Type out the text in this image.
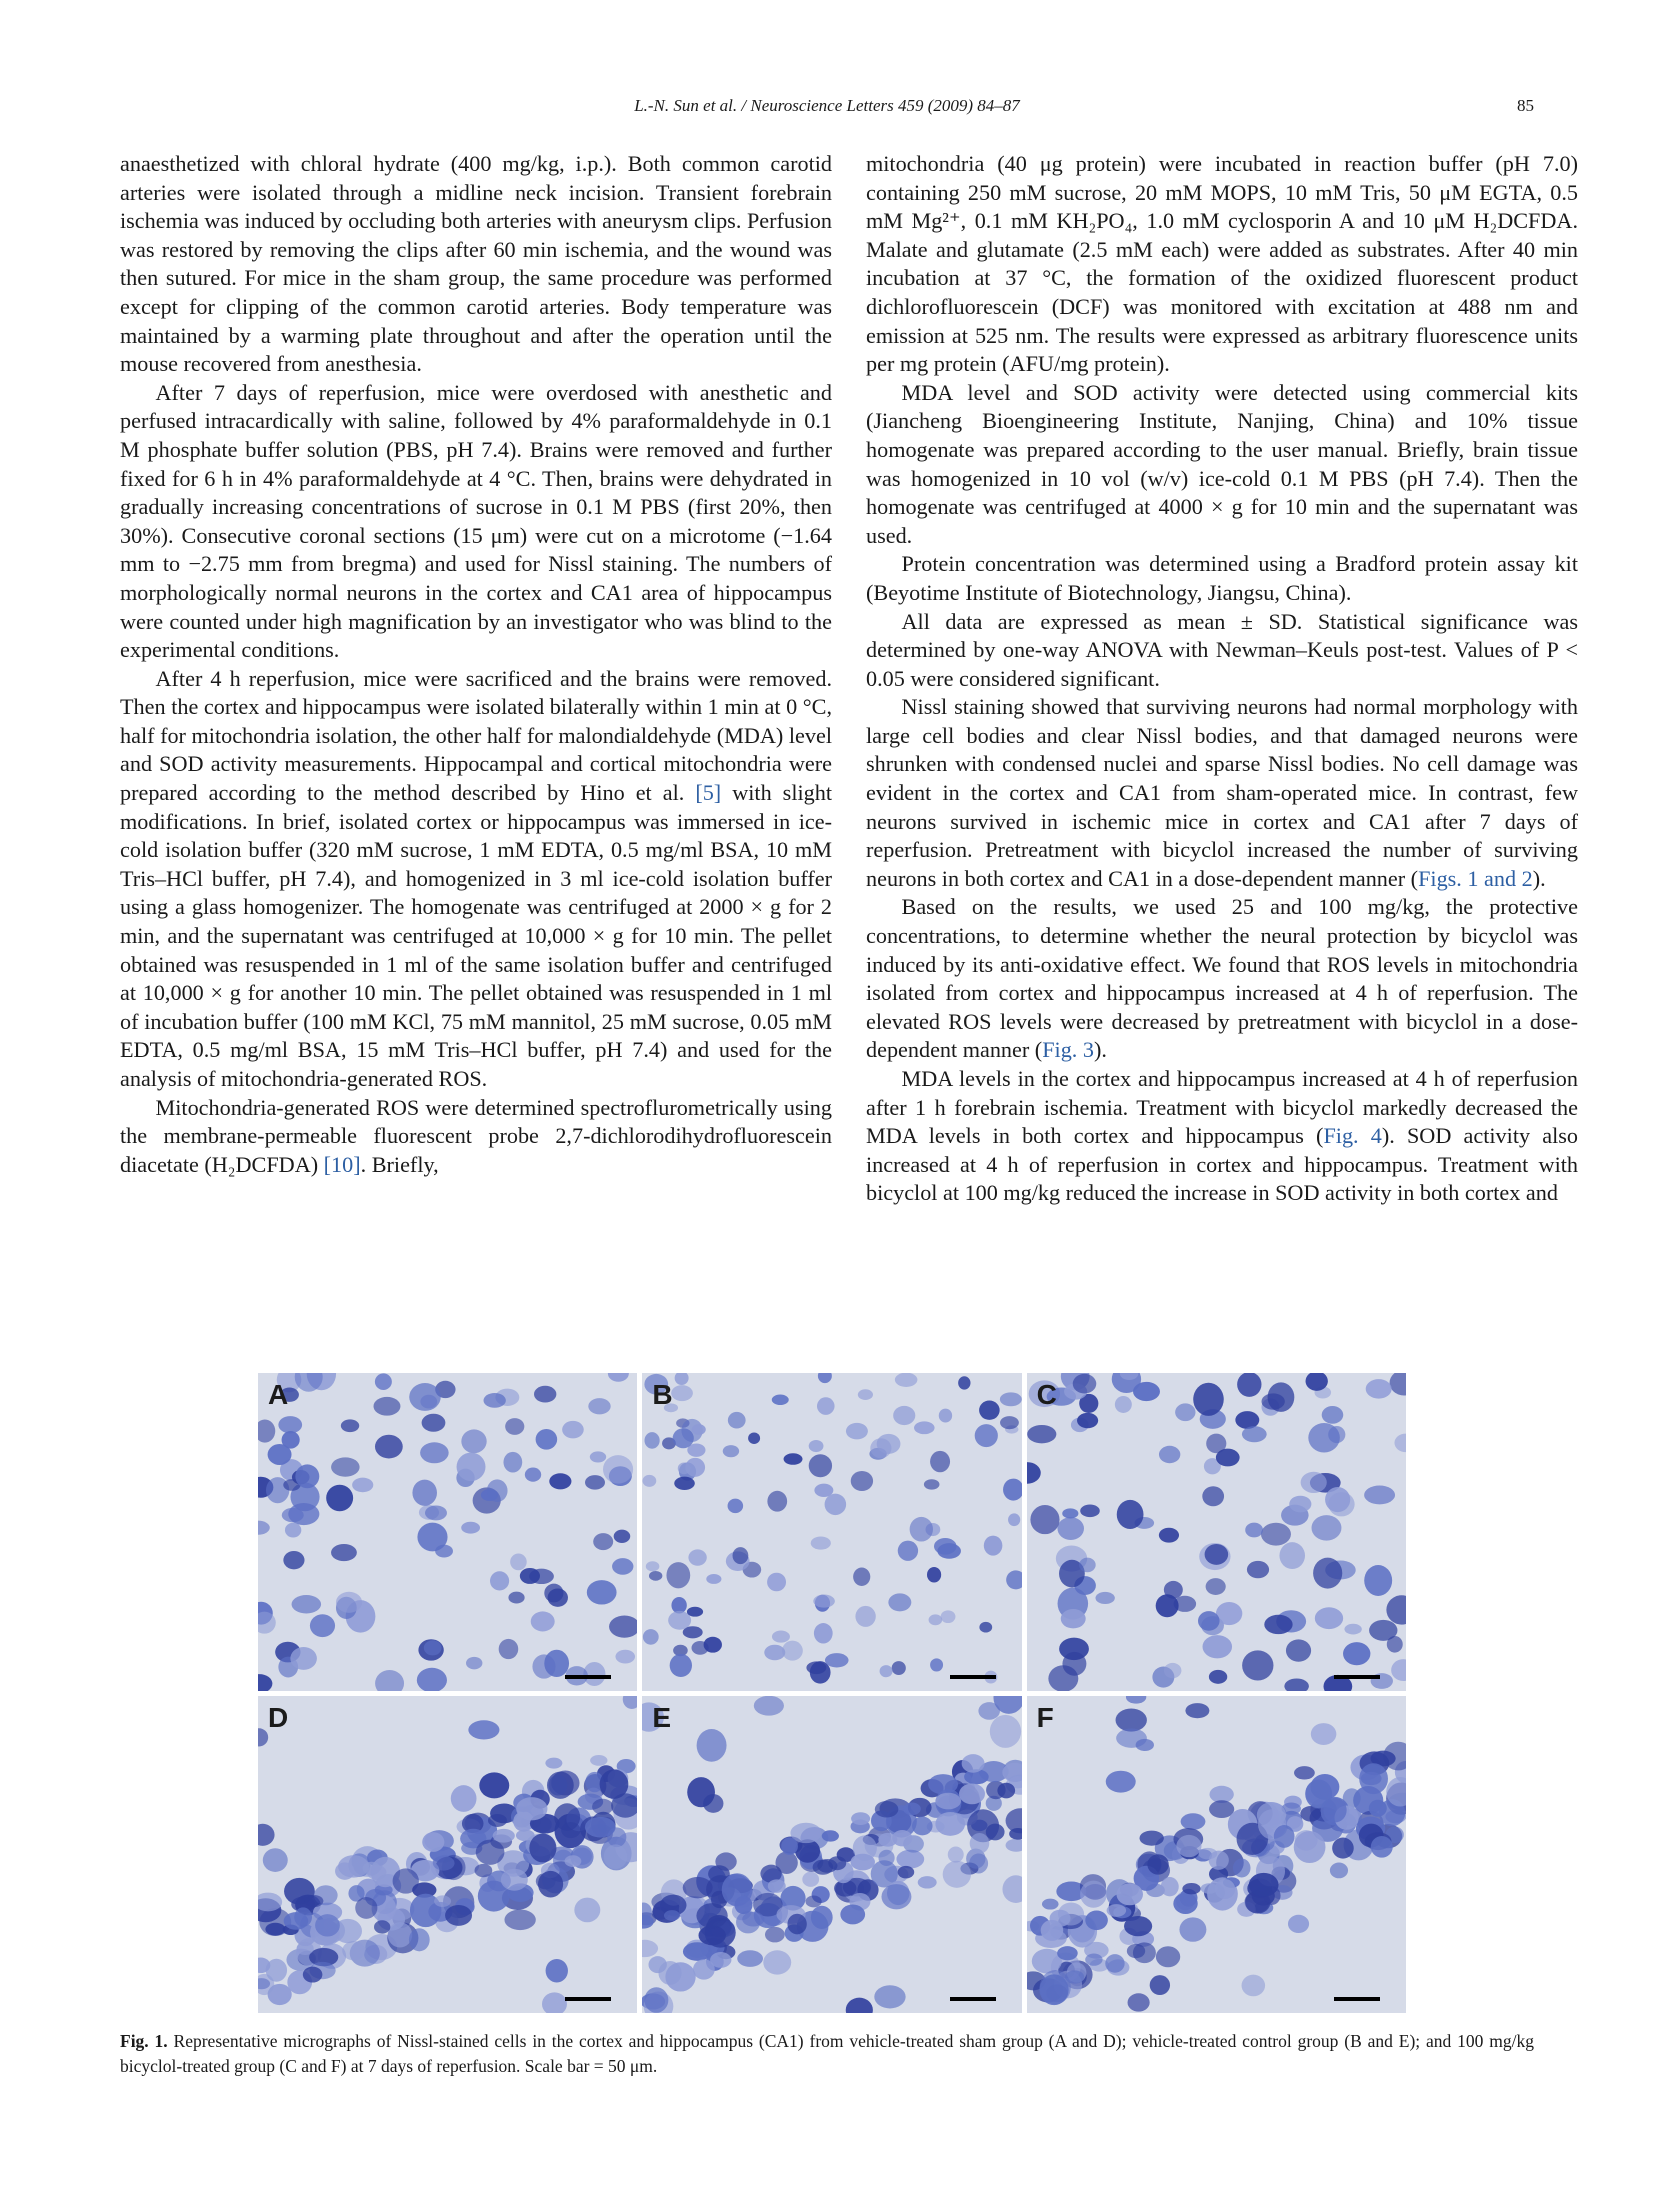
L.-N. Sun et al. / Neuroscience Letters 459 (2009) 84–87	85

anaesthetized with chloral hydrate (400 mg/kg, i.p.). Both common carotid arteries were isolated through a midline neck incision. Transient forebrain ischemia was induced by occluding both arteries with aneurysm clips. Perfusion was restored by removing the clips after 60 min ischemia, and the wound was then sutured. For mice in the sham group, the same procedure was performed except for clipping of the common carotid arteries. Body temperature was maintained by a warming plate throughout and after the operation until the mouse recovered from anesthesia.

After 7 days of reperfusion, mice were overdosed with anesthetic and perfused intracardically with saline, followed by 4% paraformaldehyde in 0.1 M phosphate buffer solution (PBS, pH 7.4). Brains were removed and further fixed for 6 h in 4% paraformaldehyde at 4 °C. Then, brains were dehydrated in gradually increasing concentrations of sucrose in 0.1 M PBS (first 20%, then 30%). Consecutive coronal sections (15 μm) were cut on a microtome (−1.64 mm to −2.75 mm from bregma) and used for Nissl staining. The numbers of morphologically normal neurons in the cortex and CA1 area of hippocampus were counted under high magnification by an investigator who was blind to the experimental conditions.

After 4 h reperfusion, mice were sacrificed and the brains were removed. Then the cortex and hippocampus were isolated bilaterally within 1 min at 0 °C, half for mitochondria isolation, the other half for malondialdehyde (MDA) level and SOD activity measurements. Hippocampal and cortical mitochondria were prepared according to the method described by Hino et al. [5] with slight modifications. In brief, isolated cortex or hippocampus was immersed in ice-cold isolation buffer (320 mM sucrose, 1 mM EDTA, 0.5 mg/ml BSA, 10 mM Tris–HCl buffer, pH 7.4), and homogenized in 3 ml ice-cold isolation buffer using a glass homogenizer. The homogenate was centrifuged at 2000 × g for 2 min, and the supernatant was centrifuged at 10,000 × g for 10 min. The pellet obtained was resuspended in 1 ml of the same isolation buffer and centrifuged at 10,000 × g for another 10 min. The pellet obtained was resuspended in 1 ml of incubation buffer (100 mM KCl, 75 mM mannitol, 25 mM sucrose, 0.05 mM EDTA, 0.5 mg/ml BSA, 15 mM Tris–HCl buffer, pH 7.4) and used for the analysis of mitochondria-generated ROS.

Mitochondria-generated ROS were determined spectroflurometrically using the membrane-permeable fluorescent probe 2,7-dichlorodihydrofluorescein diacetate (H₂DCFDA) [10]. Briefly,

mitochondria (40 μg protein) were incubated in reaction buffer (pH 7.0) containing 250 mM sucrose, 20 mM MOPS, 10 mM Tris, 50 μM EGTA, 0.5 mM Mg²⁺, 0.1 mM KH₂PO₄, 1.0 mM cyclosporin A and 10 μM H₂DCFDA. Malate and glutamate (2.5 mM each) were added as substrates. After 40 min incubation at 37 °C, the formation of the oxidized fluorescent product dichlorofluorescein (DCF) was monitored with excitation at 488 nm and emission at 525 nm. The results were expressed as arbitrary fluorescence units per mg protein (AFU/mg protein).

MDA level and SOD activity were detected using commercial kits (Jiancheng Bioengineering Institute, Nanjing, China) and 10% tissue homogenate was prepared according to the user manual. Briefly, brain tissue was homogenized in 10 vol (w/v) ice-cold 0.1 M PBS (pH 7.4). Then the homogenate was centrifuged at 4000 × g for 10 min and the supernatant was used.

Protein concentration was determined using a Bradford protein assay kit (Beyotime Institute of Biotechnology, Jiangsu, China).

All data are expressed as mean ± SD. Statistical significance was determined by one-way ANOVA with Newman–Keuls post-test. Values of P < 0.05 were considered significant.

Nissl staining showed that surviving neurons had normal morphology with large cell bodies and clear Nissl bodies, and that damaged neurons were shrunken with condensed nuclei and sparse Nissl bodies. No cell damage was evident in the cortex and CA1 from sham-operated mice. In contrast, few neurons survived in ischemic mice in cortex and CA1 after 7 days of reperfusion. Pretreatment with bicyclol increased the number of surviving neurons in both cortex and CA1 in a dose-dependent manner (Figs. 1 and 2).

Based on the results, we used 25 and 100 mg/kg, the protective concentrations, to determine whether the neural protection by bicyclol was induced by its anti-oxidative effect. We found that ROS levels in mitochondria isolated from cortex and hippocampus increased at 4 h of reperfusion. The elevated ROS levels were decreased by pretreatment with bicyclol in a dose-dependent manner (Fig. 3).

MDA levels in the cortex and hippocampus increased at 4 h of reperfusion after 1 h forebrain ischemia. Treatment with bicyclol markedly decreased the MDA levels in both cortex and hippocampus (Fig. 4). SOD activity also increased at 4 h of reperfusion in cortex and hippocampus. Treatment with bicyclol at 100 mg/kg reduced the increase in SOD activity in both cortex and

A	B	C
D	E	F
Fig. 1. Representative micrographs of Nissl-stained cells in the cortex and hippocampus (CA1) from vehicle-treated sham group (A and D); vehicle-treated control group (B and E); and 100 mg/kg bicyclol-treated group (C and F) at 7 days of reperfusion. Scale bar = 50 μm.
